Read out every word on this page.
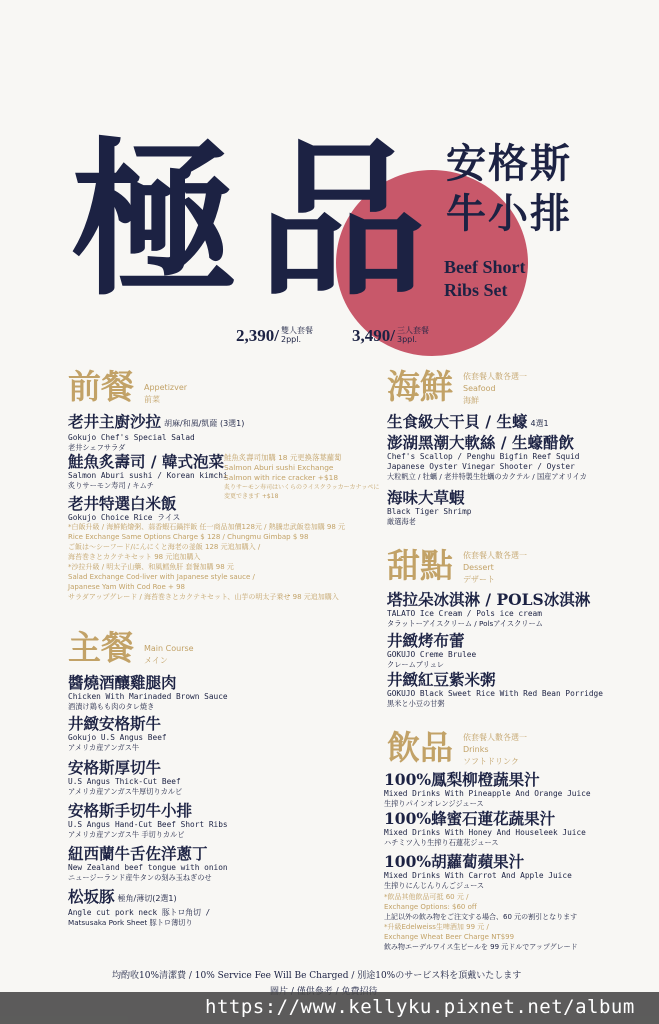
極 品 安格斯
牛小排
Beef Short
Ribs Set
2,390/ 雙人套餐
2ppl.	3,490/ 三人套餐
3ppl.
前餐 Appetizver
前菜
老井主廚沙拉 胡麻/和風/凱薩 (3選1)
Gokujo Chef's Special Salad
老井シェフサラダ
鮭魚炙壽司 / 韓式泡菜
Salmon Aburi sushi / Korean kimchi
炙りサーモン寿司 / キムチ
鮭魚炙壽司加購 18 元更換落葉蘿蔔
Salmon Aburi sushi Exchange
Salmon with rice cracker +$18
炙りサーモン寿司はいくらのライスクラッカーカナッペに
変更できます +$18
老井特選白米飯
Gokujo Choice Rice ライス
*白飯升級 / 海鮮餡燴粥、蒜香蝦石鍋拌飯 任一商品加價128元 / 熱騰忠武飯卷加購 98 元
Rice Exchange Same Options Charge $ 128 / Chungmu Gimbap $ 98
ご飯は～シーフード/にんにくと海老の釜飯 128 元追加購入 /
海苔巻きとカクテキセット 98 元追加購入
*沙拉升級 / 明太子山藥、和風鱈魚肝 套餐加購 98 元
Salad Exchange Cod-liver with Japanese style sauce /
Japanese Yam With Cod Roe + 98
サラダアップグレード / 海苔巻きとカクテキセット、山芋の明太子乗せ 98 元追加購入
主餐 Main Course
メイン
醬燒酒釀雞腿肉
Chicken With Marinaded Brown Sauce
酒漬け鶏もも肉のタレ焼き
井緻安格斯牛
Gokujo U.S Angus Beef
アメリカ産アンガス牛
安格斯厚切牛
U.S Angus Thick-Cut Beef
アメリカ産アンガス牛厚切りカルビ
安格斯手切牛小排
U.S Angus Hand-Cut Beef Short Ribs
アメリカ産アンガス牛 手切りカルビ
紐西蘭牛舌佐洋蔥丁
New Zealand beef tongue with onion
ニュージーランド産牛タンの刻み玉ねぎのせ
松坂豚 極角/薄切(2選1)
Angle cut pork neck 豚トロ角切 /
Matsusaka Pork Sheet 豚トロ薄切り
海鮮 依套餐人數各選一
Seafood
海鮮
生食級大干貝 / 生蠔 4選1
澎湖黑潮大軟絲 / 生蠔醋飲
Chef's Scallop / Penghu Bigfin Reef Squid
Japanese Oyster Vinegar Shooter / Oyster
大粒帆立 / 牡蠣 / 老井特製生牡蠣のカクテル / 国産アオリイカ
海味大草蝦
Black Tiger Shrimp
厳選海老
甜點 依套餐人數各選一
Dessert
デザート
塔拉朵冰淇淋 / POLS冰淇淋
TALATO Ice Cream / Pols ice cream
タラットーアイスクリーム / Polsアイスクリーム
井緻烤布蕾
GOKUJO Creme Brulee
クレームブリュレ
井緻紅豆紫米粥
GOKUJO Black Sweet Rice With Red Bean Porridge
黒米と小豆の甘粥
飲品 依套餐人數各選一
Drinks
ソフトドリンク
100%鳳梨柳橙蔬果汁
Mixed Drinks With Pineapple And Orange Juice
生搾りパインオレンジジュース
100%蜂蜜石蓮花蔬果汁
Mixed Drinks With Honey And Houseleek Juice
ハチミツ入り生搾り石蓮花ジュース
100%胡蘿蔔蘋果汁
Mixed Drinks With Carrot And Apple Juice
生搾りにんじんりんごジュース
*飲品其他飲品可抵 60 元 /
Exchange Options: $60 off
上記以外の飲み物をご注文する場合、60 元の割引となります
*升級Edelweiss生啤酒加 99 元 /
Exchange Wheat Beer Charge NT$99
飲み物エーデルワイス生ビールを 99 元ドルでアップグレード
均酌收10%清潔費 / 10% Service Fee Will Be Charged / 別途10%のサービス料を頂戴いたします
https://www.kellyku.pixnet.net/album
